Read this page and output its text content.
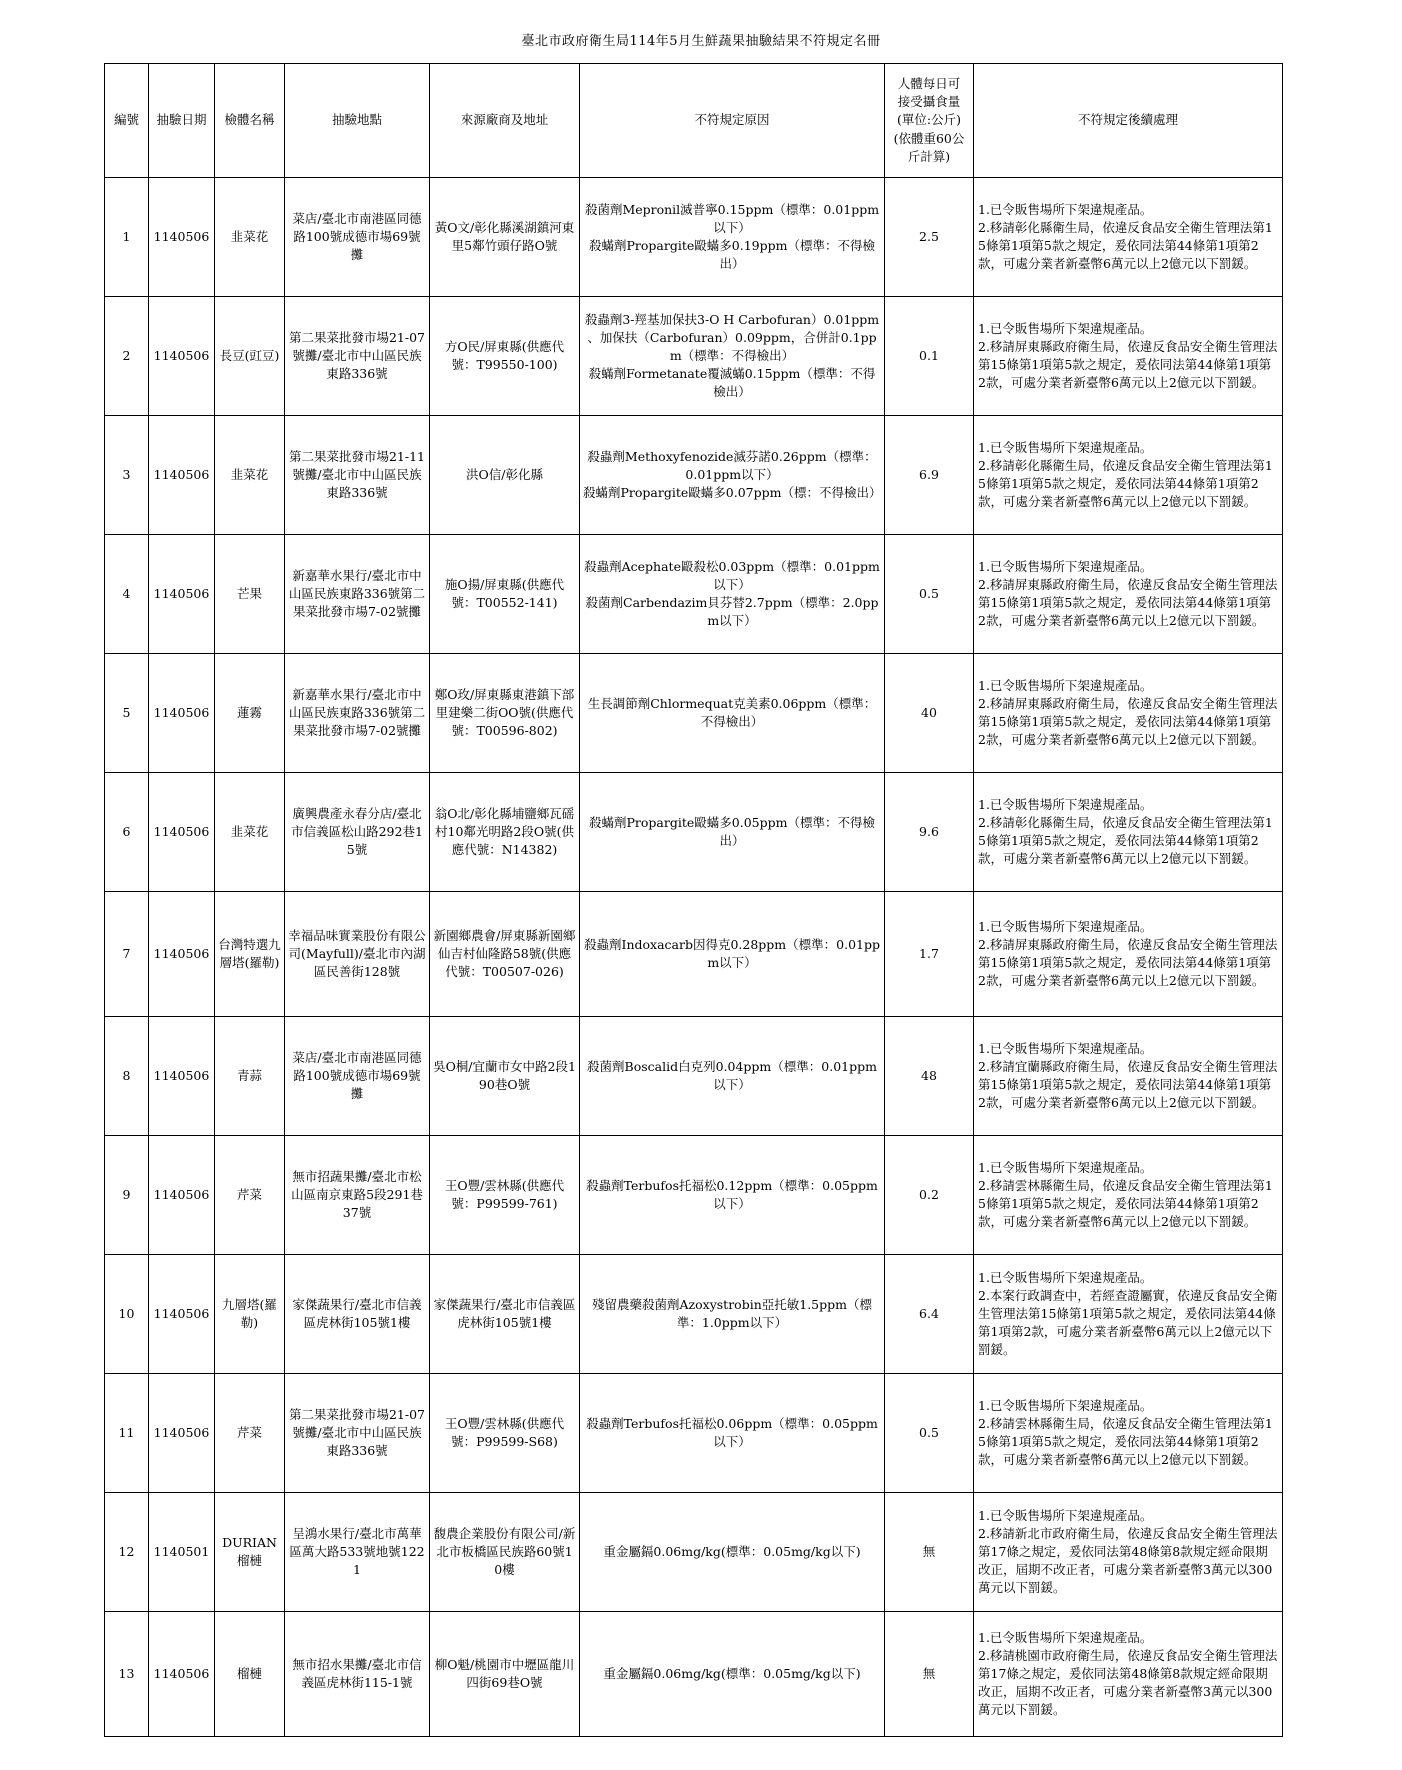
臺北市政府衛生局114年5月生鮮蔬果抽驗結果不符規定名冊
編號	抽驗日期	檢體名稱	抽驗地點	來源廠商及地址	不符規定原因	人體每日可
接受攝食量
(單位:公斤)
(依體重60公
斤計算)	不符規定後續處理
1	1140506	韭菜花	菜店/臺北市南港區同德路100號成德市場69號攤	黃O文/彰化縣溪湖鎮河東里5鄰竹頭仔路O號	殺菌劑Mepronil滅普寧0.15ppm（標準：0.01ppm以下）
殺蟎劑Propargite毆蟎多0.19ppm（標準：不得檢出）	2.5	1.已令販售場所下架違規產品。
2.移請彰化縣衛生局，依違反食品安全衛生管理法第15條第1項第5款之規定，爰依同法第44條第1項第2款，可處分業者新臺幣6萬元以上2億元以下罰鍰。

2	1140506	長豆(豇豆)	第二果菜批發市場21-07號攤/臺北市中山區民族東路336號	方O民/屏東縣(供應代號：T99550-100)	殺蟲劑3-羥基加保扶3-O H Carbofuran）0.01ppm 、加保扶（Carbofuran）0.09ppm，合併計0.1ppm（標準：不得檢出）
殺蟎劑Formetanate覆滅蟎0.15ppm（標準：不得檢出）	0.1	1.已令販售場所下架違規產品。
2.移請屏東縣政府衛生局，依違反食品安全衛生管理法第15條第1項第5款之規定，爰依同法第44條第1項第2款，可處分業者新臺幣6萬元以上2億元以下罰鍰。

3	1140506	韭菜花	第二果菜批發市場21-11號攤/臺北市中山區民族東路336號	洪O信/彰化縣	殺蟲劑Methoxyfenozide滅芬諾0.26ppm（標準：0.01ppm以下）
殺蟎劑Propargite毆蟎多0.07ppm（標：不得檢出）	6.9	1.已令販售場所下架違規產品。
2.移請彰化縣衛生局，依違反食品安全衛生管理法第15條第1項第5款之規定，爰依同法第44條第1項第2款，可處分業者新臺幣6萬元以上2億元以下罰鍰。

4	1140506	芒果	新嘉華水果行/臺北市中山區民族東路336號第二果菜批發市場7-02號攤	施O揚/屏東縣(供應代號：T00552-141)	殺蟲劑Acephate毆殺松0.03ppm（標準：0.01ppm以下）
殺菌劑Carbendazim貝芬替2.7ppm（標準：2.0ppm以下）	0.5	1.已令販售場所下架違規產品。
2.移請屏東縣政府衛生局，依違反食品安全衛生管理法第15條第1項第5款之規定，爰依同法第44條第1項第2款，可處分業者新臺幣6萬元以上2億元以下罰鍰。

5	1140506	蓮霧	新嘉華水果行/臺北市中山區民族東路336號第二果菜批發市場7-02號攤	鄭O玫/屏東縣東港鎮下部里建樂二街OO號(供應代號：T00596-802)	生長調節劑Chlormequat克美素0.06ppm（標準：不得檢出）	40	1.已令販售場所下架違規產品。
2.移請屏東縣政府衛生局，依違反食品安全衛生管理法第15條第1項第5款之規定，爰依同法第44條第1項第2款，可處分業者新臺幣6萬元以上2億元以下罰鍰。

6	1140506	韭菜花	廣興農產永春分店/臺北市信義區松山路292巷15號	翁O北/彰化縣埔鹽鄉瓦磘村10鄰光明路2段O號(供應代號：N14382)	殺蟎劑Propargite毆蟎多0.05ppm（標準：不得檢出）	9.6	1.已令販售場所下架違規產品。
2.移請彰化縣衛生局，依違反食品安全衛生管理法第15條第1項第5款之規定，爰依同法第44條第1項第2款，可處分業者新臺幣6萬元以上2億元以下罰鍰。

7	1140506	台灣特選九層塔(羅勒)	幸福品味實業股份有限公司(Mayfull)/臺北市內湖區民善街128號	新園鄉農會/屏東縣新園鄉仙吉村仙隆路58號(供應代號：T00507-026)	殺蟲劑Indoxacarb因得克0.28ppm（標準：0.01ppm以下）	1.7	1.已令販售場所下架違規產品。
2.移請屏東縣政府衛生局，依違反食品安全衛生管理法第15條第1項第5款之規定，爰依同法第44條第1項第2款，可處分業者新臺幣6萬元以上2億元以下罰鍰。

8	1140506	青蒜	菜店/臺北市南港區同德路100號成德市場69號攤	吳O桐/宜蘭市女中路2段190巷O號	殺菌劑Boscalid白克列0.04ppm（標準：0.01ppm以下）	48	1.已令販售場所下架違規產品。
2.移請宜蘭縣政府衛生局，依違反食品安全衛生管理法第15條第1項第5款之規定，爰依同法第44條第1項第2款，可處分業者新臺幣6萬元以上2億元以下罰鍰。

9	1140506	芹菜	無市招蔬果攤/臺北市松山區南京東路5段291巷37號	王O豐/雲林縣(供應代號：P99599-761)	殺蟲劑Terbufos托福松0.12ppm（標準：0.05ppm以下）	0.2	1.已令販售場所下架違規產品。
2.移請雲林縣衛生局，依違反食品安全衛生管理法第15條第1項第5款之規定，爰依同法第44條第1項第2款，可處分業者新臺幣6萬元以上2億元以下罰鍰。

10	1140506	九層塔(羅勒)	家傑蔬果行/臺北市信義區虎林街105號1樓	家傑蔬果行/臺北市信義區虎林街105號1樓	殘留農藥殺菌劑Azoxystrobin亞托敏1.5ppm（標準：1.0ppm以下）	6.4	1.已令販售場所下架違規產品。
2.本案行政調查中，若經查證屬實，依違反食品安全衛生管理法第15條第1項第5款之規定，爰依同法第44條第1項第2款，可處分業者新臺幣6萬元以上2億元以下罰鍰。

11	1140506	芹菜	第二果菜批發市場21-07號攤/臺北市中山區民族東路336號	王O豐/雲林縣(供應代號：P99599-S68)	殺蟲劑Terbufos托福松0.06ppm（標準：0.05ppm以下）	0.5	1.已令販售場所下架違規產品。
2.移請雲林縣衛生局，依違反食品安全衛生管理法第15條第1項第5款之規定，爰依同法第44條第1項第2款，可處分業者新臺幣6萬元以上2億元以下罰鍰。

12	1140501	DURIAN榴槤	呈鴻水果行/臺北市萬華區萬大路533號地號1221	馥農企業股份有限公司/新北市板橋區民族路60號10樓	重金屬鎘0.06mg/kg(標準：0.05mg/kg以下)	無	1.已令販售場所下架違規產品。
2.移請新北市政府衛生局，依違反食品安全衛生管理法第17條之規定，爰依同法第48條第8款規定經命限期改正，屆期不改正者，可處分業者新臺幣3萬元以300萬元以下罰鍰。

13	1140506	榴槤	無市招水果攤/臺北市信義區虎林街115-1號	柳O魁/桃園市中壢區龍川四街69巷O號	重金屬鎘0.06mg/kg(標準：0.05mg/kg以下)	無	1.已令販售場所下架違規產品。
2.移請桃園市政府衛生局，依違反食品安全衛生管理法第17條之規定，爰依同法第48條第8款規定經命限期改正，屆期不改正者，可處分業者新臺幣3萬元以300萬元以下罰鍰。
